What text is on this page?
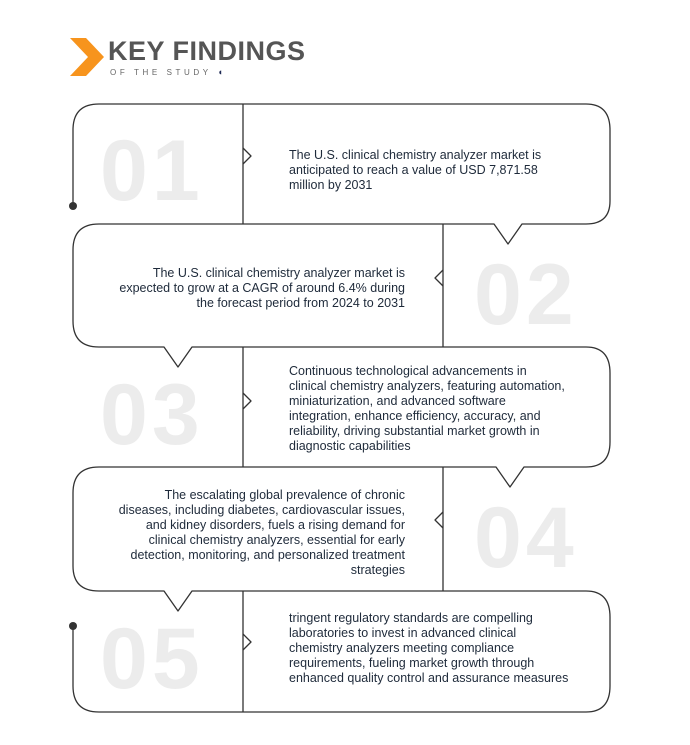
KEY FINDINGS
OF THE STUDY ◖
01
02
03
04
05
The U.S. clinical chemistry analyzer market is anticipated to reach a value of USD 7,871.58 million by 2031
The U.S. clinical chemistry analyzer market is expected to grow at a CAGR of around 6.4% during the forecast period from 2024 to 2031
Continuous technological advancements in clinical chemistry analyzers, featuring automation, miniaturization, and advanced software integration, enhance efficiency, accuracy, and reliability, driving substantial market growth in diagnostic capabilities
The escalating global prevalence of chronic diseases, including diabetes, cardiovascular issues, and kidney disorders, fuels a rising demand for clinical chemistry analyzers, essential for early detection, monitoring, and personalized treatment strategies
tringent regulatory standards are compelling laboratories to invest in advanced clinical chemistry analyzers meeting compliance requirements, fueling market growth through enhanced quality control and assurance measures
